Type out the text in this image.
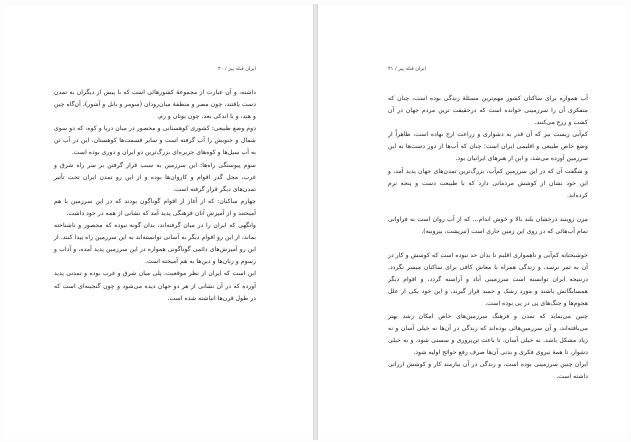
۴۰ / ایران قبله پیر

داشته، و آن عبارت از مجموعهٔ کشورهائی است که با پیش از دیگران به تمدن دست یافتند، چون مصر و منطقهٔ میان‌رودان (سومر و بابل و آشور)، آن‌گاه چین و هند، و با اندکی بعد، چون یونان و رم.

دوم وضع طبیعی: کشوری کوهستانی و محصور در میان دریا و کوه، که دو سوی شمال و جنوبش را آب گرفته است و سایر قسمت‌ها کوهستان. این در آب تن به آب سیل‌ها و کوه‌های جزیره‌ای بزرگ‌ترین دو ایران و دوری بوده است.

سوم پیوستگی راه‌ها: این سرزمین به سبب قرار گرفتن بر سر راه شرق و غرب، محل گذر اقوام و کاروان‌ها بوده و از این رو تمدن ایران تحت تأثیر تمدن‌های دیگر قرار گرفته است.

چهارم ساکنان: که از آغاز از اقوام گوناگون بودند که در این سرزمین با هم آمیختند و از آمیزش آنان فرهنگی پدید آمد که نشانی از همه در خود داشت.

وانگهی که ایران را در میان گرفته‌اند، بدان گونه نبوده که محصور و ناشناخته بماند، از این رو اقوام دیگر به آسانی توانسته‌اند به این سرزمین راه پیدا کنند. از این رو آمیزش‌های دائمی گوناگونی همواره در این سرزمین پدید آمده، و آداب و رسوم و زبان‌ها و دین‌ها به هم آمیخته است.

این است که ایران از نظر موقعیت، پلی میان شرق و غرب بوده و تمدنی پدید آورده که در آن نشانی از هر دو جهان دیده می‌شود و چون گنجینه‌ای است که در طول قرن‌ها انباشته شده است.

ایران قبله پیر / ۴۱

آب همواره برای ساکنان کشور مهم‌ترین مسئلهٔ زندگی بوده است، چنان که متفکری آن را سرزمینی خوانده است که درحقیقت ترین مردم جهان در آن کشت و زرع می‌کنند.

کم‌آبی زیست نیز که آن قدر به دشواری و زراعت ارج نهاده است، ظاهراً از وضع خاص طبیعی و اقلیمی ایران است؛ چنان که آب‌ها از دور دست‌ها به این سرزمین آورده می‌شد، و این از هنرهای ایرانیان بود.

و شگفت آن که در این سرزمین کم‌آب، بزرگ‌ترین تمدن‌های جهان پدید آمد، و این خود نشان از کوشش مردمانی دارد که با طبیعت دست و پنجه نرم کرده‌اند.

مزن زوینند درخشان بلند بالا و خوش اندام... که از آب روان است به فراوانی تمام آب‌هائی که در روی این زمین جاری است (تیریشت، بیرونیه).

خوشبختانه کم‌آبی و ناهمواری اقلیم تا بدان حد نبوده است که کوشش و کار در آن به ثمر نرسد، و زندگی همراه با معاش کافی برای ساکنان میسر نگردد. درنتیجه ایران توانسته است سرزمینی آباد و آراسته گردد، و اقوام دیگر همسایگانش باشند و مورد رشک و حسد قرار گیرند، و این خود یکی از علل هجوم‌ها و جنگ‌های پی در پی بوده است.

چنین می‌نماید که تمدن و فرهنگ سرزمین‌های خاص امکان رشد بهتر می‌یافته‌اند، و آن سرزمین‌هائی بوده‌اند که زندگی در آن‌ها نه خیلی آسان و نه زیاد مشکل باشد. نه خیلی آسان، تا باعث تن‌پروری و سستی شود، و نه خیلی دشوار، تا همهٔ نیروی فکری و بدنی آن‌ها صرف رفع حوائج اولیه شود.

ایران چنین سرزمینی بوده است، و زندگی در آن نیازمند کار و کوشش ارزانی داشته است.
